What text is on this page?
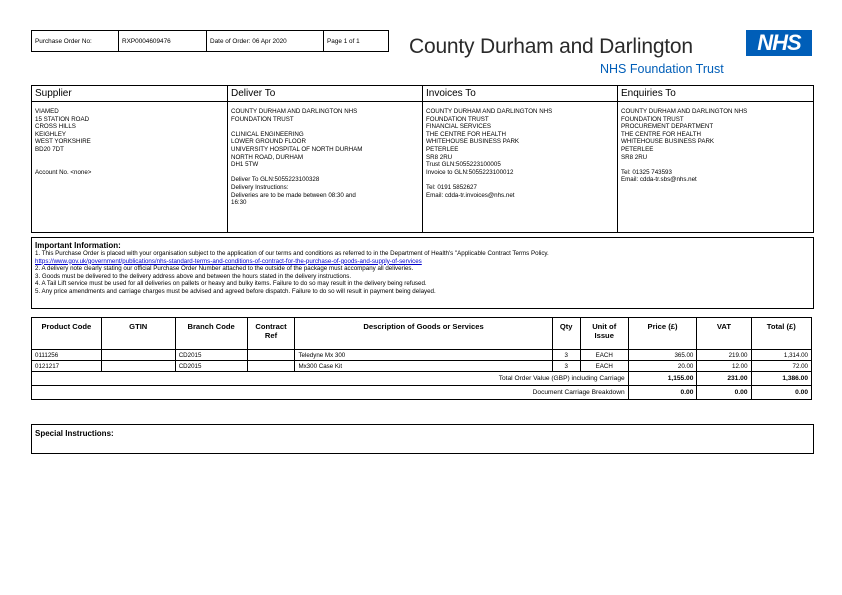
Purchase Order No:	RXP0004609476	Date of Order: 06 Apr 2020	Page 1 of 1 County Durham and Darlington
NHS Foundation Trust
NHS
Supplier
VIAMED
15 STATION ROAD
CROSS HILLS
KEIGHLEY
WEST YORKSHIRE
BD20 7DT
Account No. <none>
Deliver To
COUNTY DURHAM AND DARLINGTON NHS
FOUNDATION TRUST
CLINICAL ENGINEERING
LOWER GROUND FLOOR
UNIVERSITY HOSPITAL OF NORTH DURHAM
NORTH ROAD, DURHAM
DH1 5TW
Deliver To GLN:5055223100328
Delivery Instructions:
Deliveries are to be made between 08:30 and
16:30
Invoices To
COUNTY DURHAM AND DARLINGTON NHS
FOUNDATION TRUST
FINANCIAL SERVICES
THE CENTRE FOR HEALTH
WHITEHOUSE BUSINESS PARK
PETERLEE
SR8 2RU
Trust GLN:5055223100005
Invoice to GLN:5055223100012
Tel: 0191 5852627
Email: cdda-tr.invoices@nhs.net
Enquiries To
COUNTY DURHAM AND DARLINGTON NHS
FOUNDATION TRUST
PROCUREMENT DEPARTMENT
THE CENTRE FOR HEALTH
WHITEHOUSE BUSINESS PARK
PETERLEE
SR8 2RU
Tel: 01325 743593
Email: cdda-tr.sbs@nhs.net
Important Information:
1. This Purchase Order is placed with your organisation subject to the application of our terms and conditions as referred to in the Department of Health's "Applicable Contract Terms Policy.
https://www.gov.uk/government/publications/nhs-standard-terms-and-conditions-of-contract-for-the-purchase-of-goods-and-supply-of-services
2. A delivery note clearly stating our official Purchase Order Number attached to the outside of the package must accompany all deliveries.
3. Goods must be delivered to the delivery address above and between the hours stated in the delivery instructions.
4. A Tail Lift service must be used for all deliveries on pallets or heavy and bulky items. Failure to do so may result in the delivery being refused.
5. Any price amendments and carriage charges must be advised and agreed before dispatch. Failure to do so will result in payment being delayed.
Product Code	GTIN	Branch Code	Contract Ref	Description of Goods or Services	Qty	Unit of Issue	Price (£)	VAT	Total (£)
0111256		CD2015		Teledyne Mx 300	3	EACH	365.00	219.00	1,314.00
0121217		CD2015		Mx300 Case Kit	3	EACH	20.00	12.00	72.00
Total Order Value (GBP) including Carriage							1,155.00	231.00	1,386.00
Document Carriage Breakdown							0.00	0.00	0.00
Special Instructions:
